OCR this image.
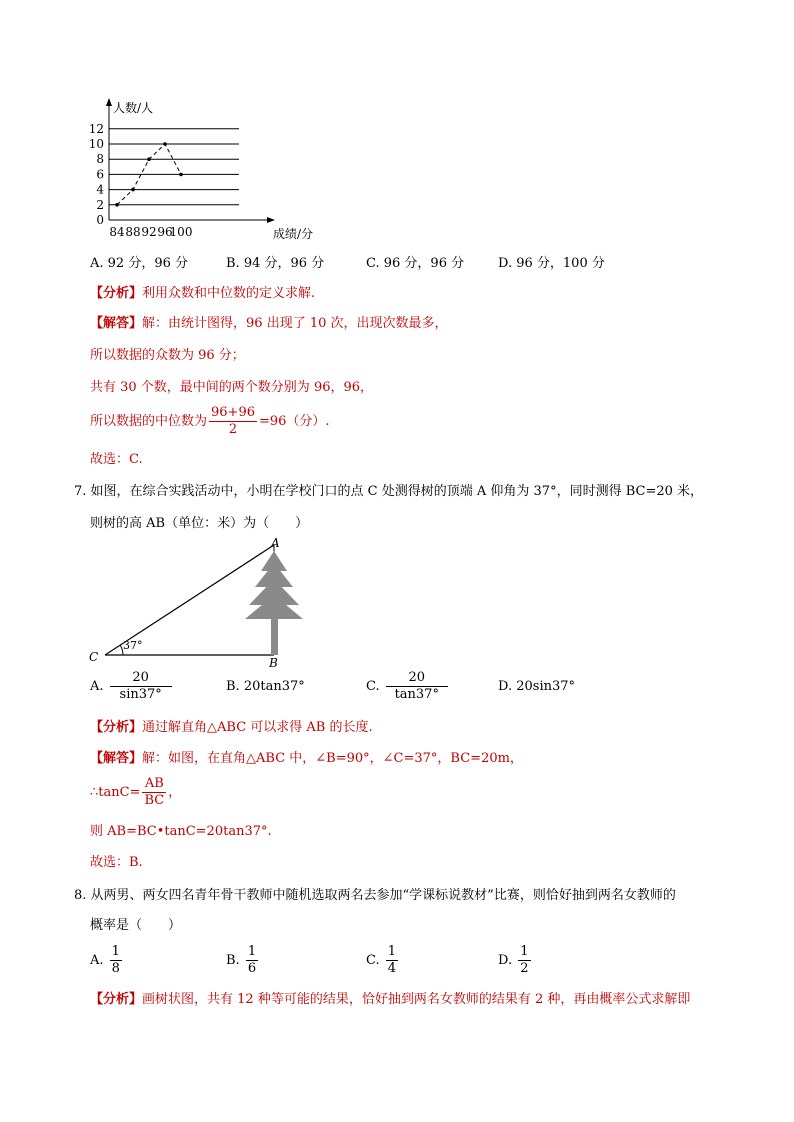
0
2
4
6
8
10
12
84 88 92 96
100
人数/人
成绩/分
A. 92 分，96 分	B. 94 分，96 分	C. 96 分，96 分	D. 96 分，100 分
【分析】利用众数和中位数的定义求解.
【解答】解：由统计图得，96 出现了 10 次，出现次数最多，
所以数据的众数为 96 分；
共有 30 个数，最中间的两个数分别为 96，96，
所以数据的中位数为 $\frac{96+96}{2} =96$（分）.
故选：C.
7. 如图，在综合实践活动中，小明在学校门口的点 C 处测得树的顶端 A 仰角为 37°，同时测得 BC=20 米，
则树的高 AB（单位：米）为（　　）
A
B
C
37°
A. $\frac{20}{\sin 37^\circ}$	B. 20tan37°	C. $\frac{20}{\tan 37^\circ}$	D. 20sin37°
【分析】通过解直角△ABC 可以求得 AB 的长度.
【解答】解：如图，在直角△ABC 中，∠B=90°，∠C=37°，BC=20m，
∴tanC= $\frac{AB}{BC}$ ，
则 AB=BC•tanC=20tan37°.
故选：B.
8. 从两男、两女四名青年骨干教师中随机选取两名去参加“学课标说教材”比赛，则恰好抽到两名女教师的
概率是（　　）
A. $\frac{1}{8}$	B. $\frac{1}{6}$	C. $\frac{1}{4}$	D. $\frac{1}{2}$
【分析】画树状图，共有 12 种等可能的结果，恰好抽到两名女教师的结果有 2 种，再由概率公式求解即
